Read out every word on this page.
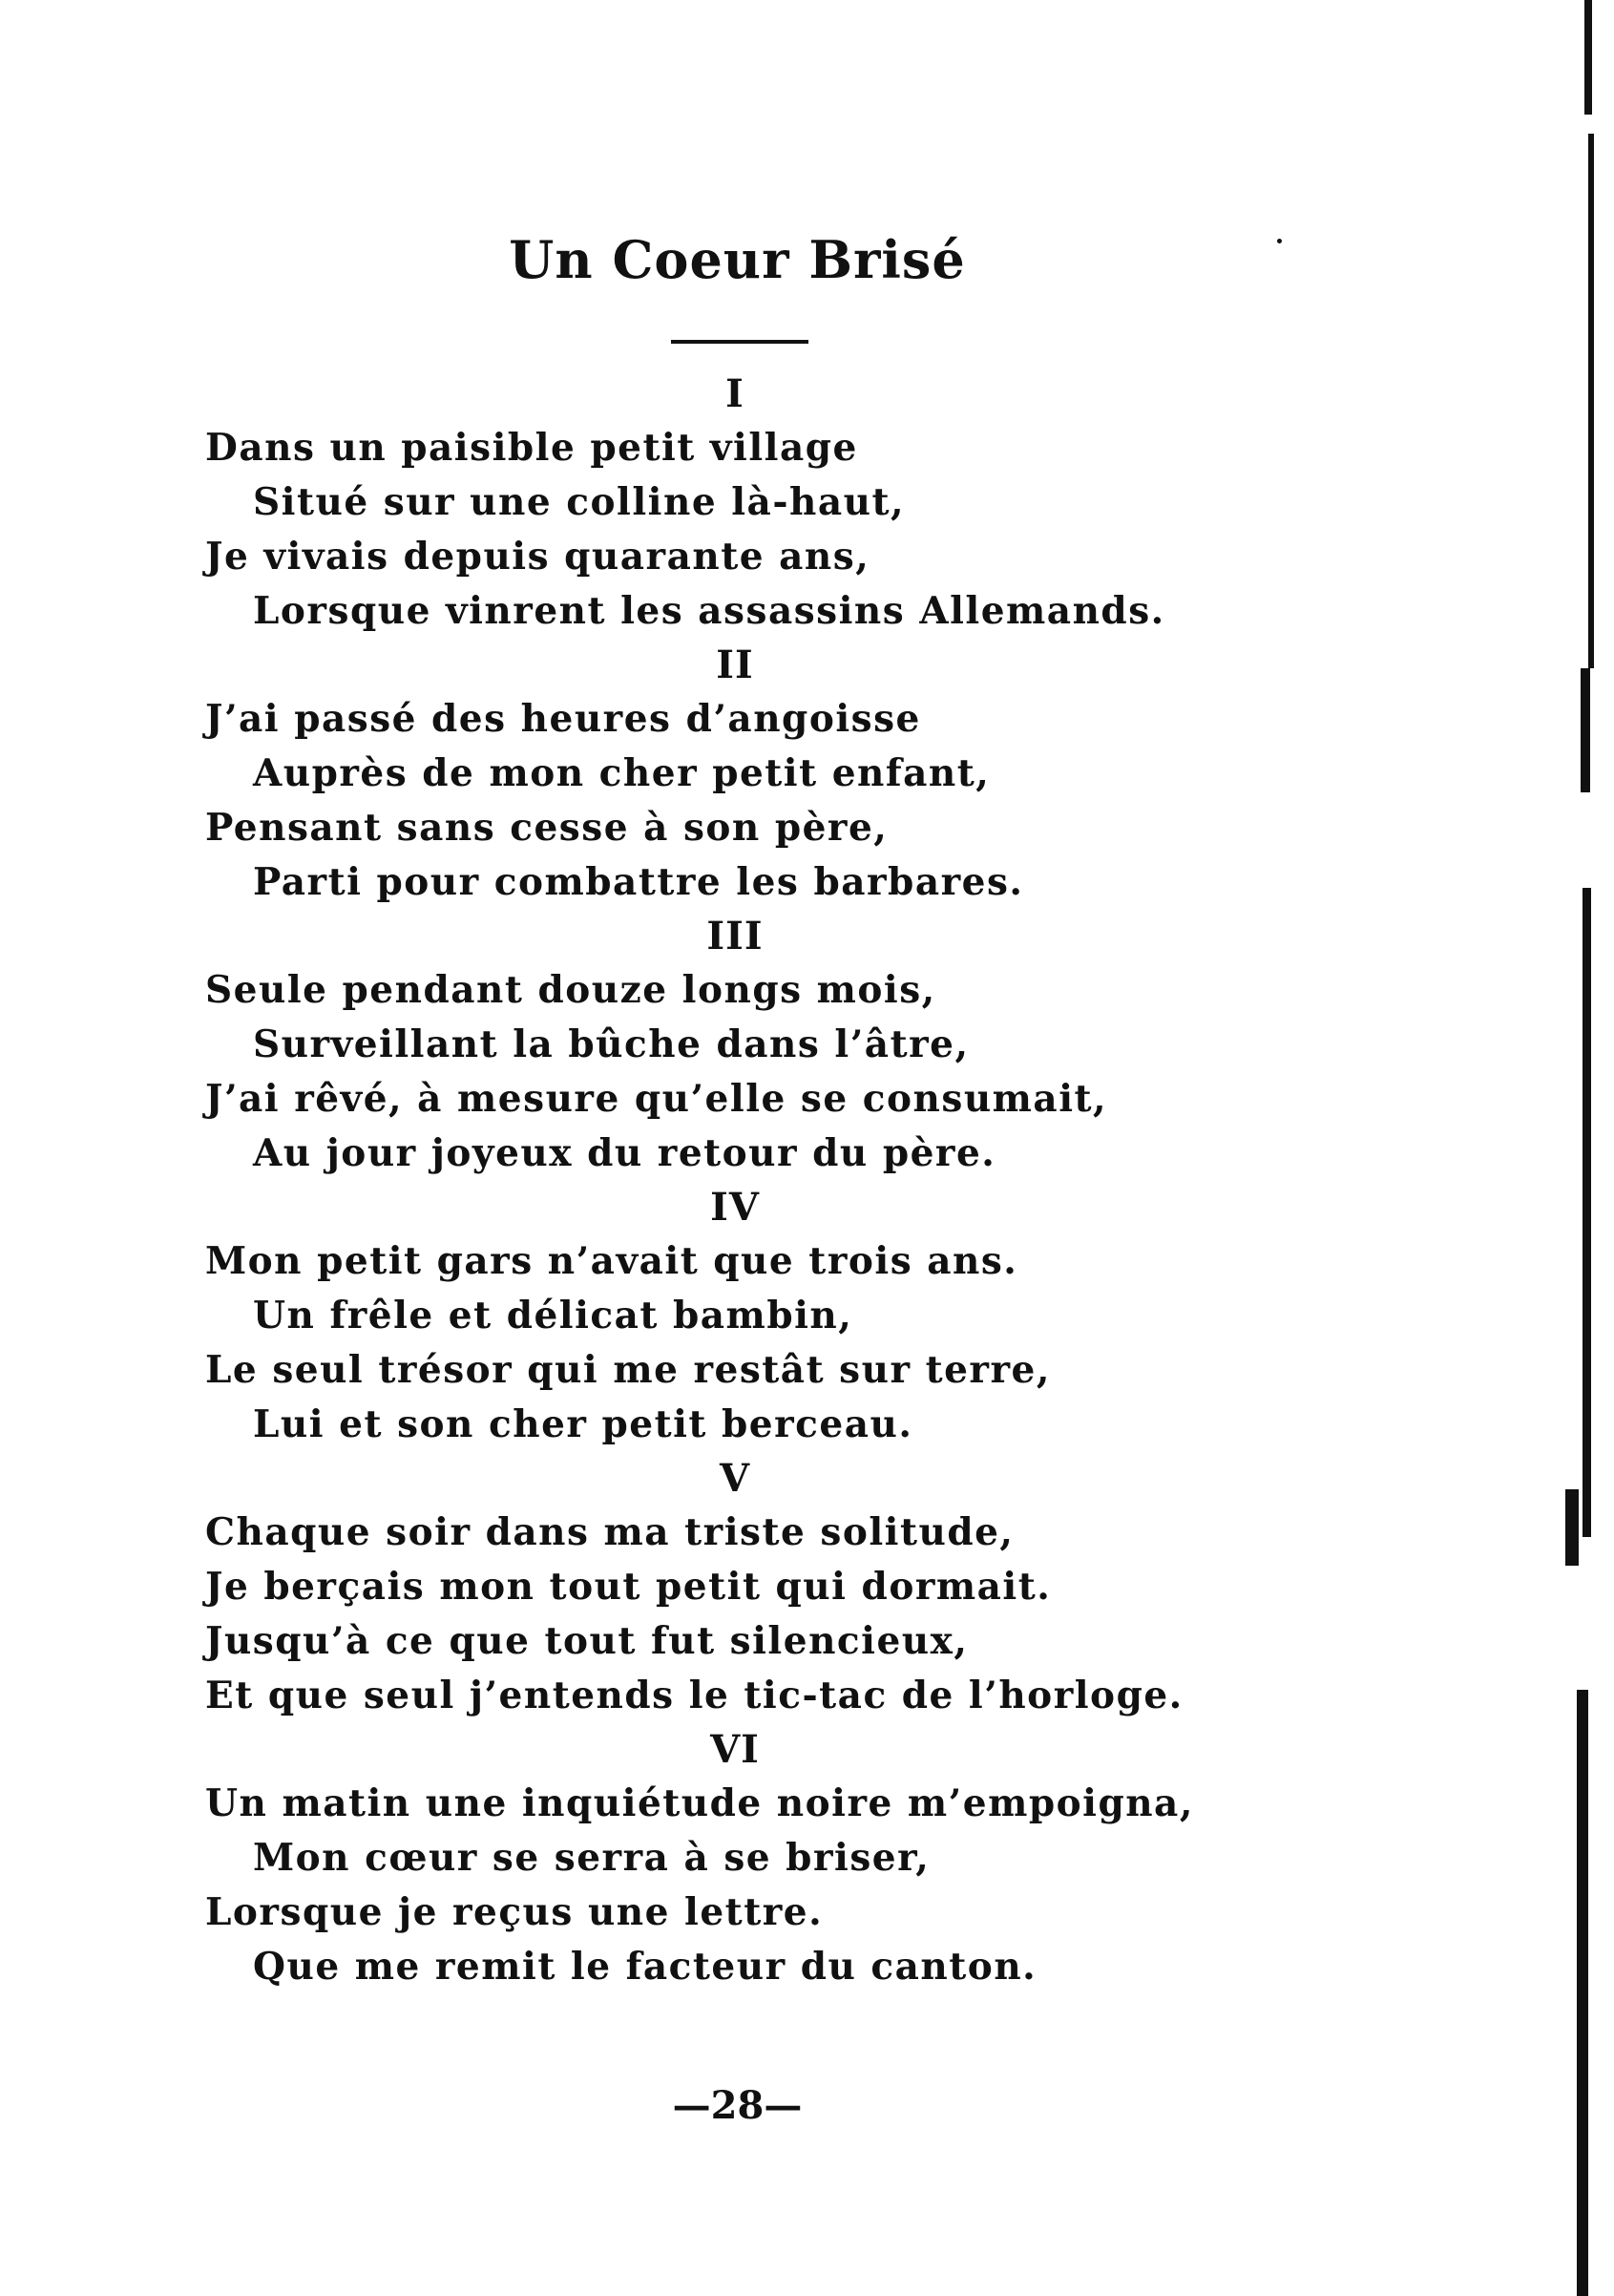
Un Coeur Brisé
I
Dans un paisible petit village
Situé sur une colline là-haut,
Je vivais depuis quarante ans,
Lorsque vinrent les assassins Allemands.
II
J’ai passé des heures d’angoisse
Auprès de mon cher petit enfant,
Pensant sans cesse à son père,
Parti pour combattre les barbares.
III
Seule pendant douze longs mois,
Surveillant la bûche dans l’âtre,
J’ai rêvé, à mesure qu’elle se consumait,
Au jour joyeux du retour du père.
IV
Mon petit gars n’avait que trois ans.
Un frêle et délicat bambin,
Le seul trésor qui me restât sur terre,
Lui et son cher petit berceau.
V
Chaque soir dans ma triste solitude,
Je berçais mon tout petit qui dormait.
Jusqu’à ce que tout fut silencieux,
Et que seul j’entends le tic-tac de l’horloge.
VI
Un matin une inquiétude noire m’empoigna,
Mon cœur se serra à se briser,
Lorsque je reçus une lettre.
Que me remit le facteur du canton.
—28—
